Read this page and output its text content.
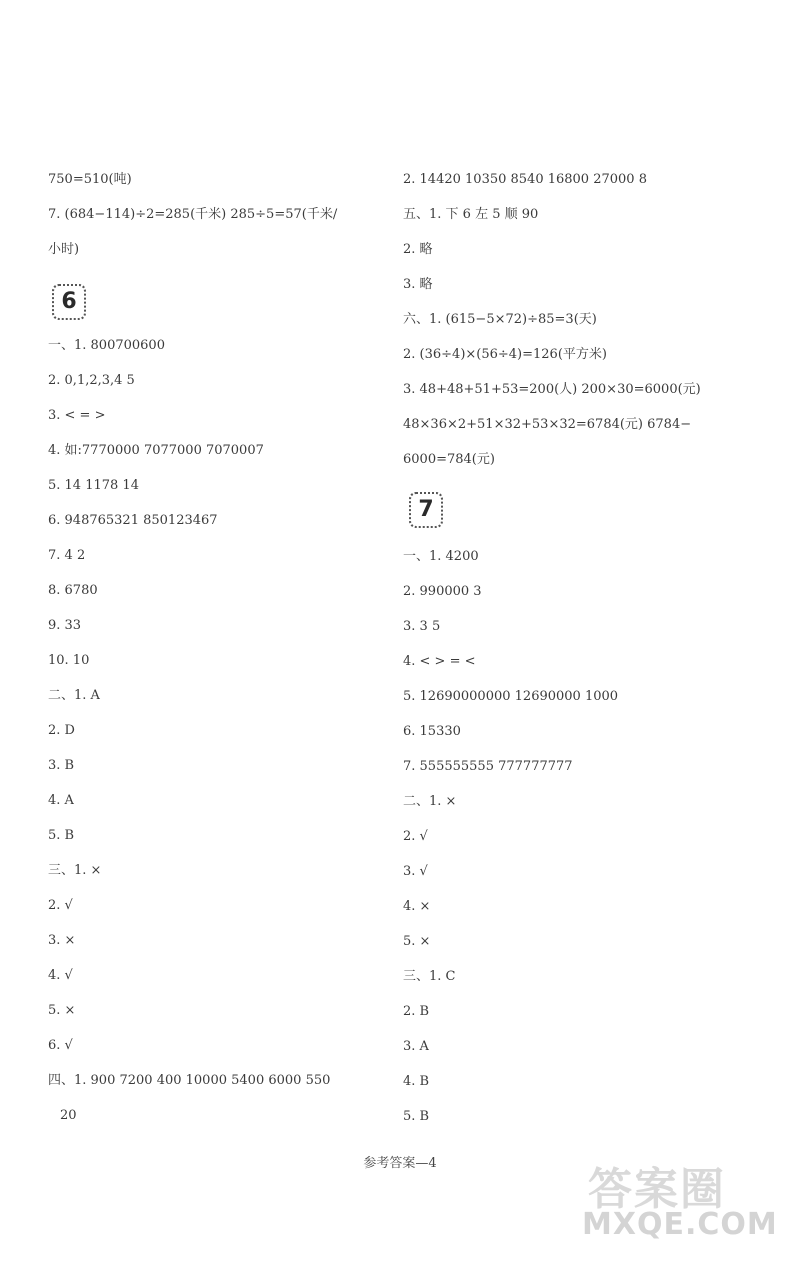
750=510(吨)
7. (684−114)÷2=285(千米) 285÷5=57(千米/
小时)
6
一、1. 800700600
2. 0,1,2,3,4 5
3. < = >
4. 如:7770000 7077000 7070007
5. 14 1178 14
6. 948765321 850123467
7. 4 2
8. 6780
9. 33
10. 10
二、1. A
2. D
3. B
4. A
5. B
三、1. ×
2. √
3. ×
4. √
5. ×
6. √
四、1. 900 7200 400 10000 5400 6000 550
20
2. 14420 10350 8540 16800 27000 8
五、1. 下 6 左 5 顺 90
2. 略
3. 略
六、1. (615−5×72)÷85=3(天)
2. (36÷4)×(56÷4)=126(平方米)
3. 48+48+51+53=200(人) 200×30=6000(元)
48×36×2+51×32+53×32=6784(元) 6784−
6000=784(元)
7
一、1. 4200
2. 990000 3
3. 3 5
4. < > = <
5. 12690000000 12690000 1000
6. 15330
7. 555555555 777777777
二、1. ×
2. √
3. √
4. ×
5. ×
三、1. C
2. B
3. A
4. B
5. B
参考答案—4
答案圈
MXQE.COM
